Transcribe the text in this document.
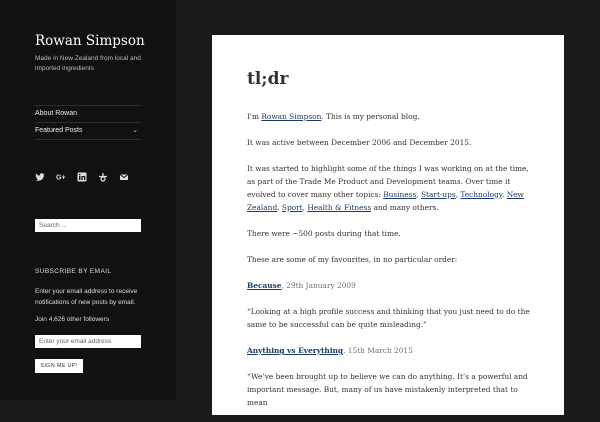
Rowan Simpson
Made in New Zealand from local and imported ingredients
About Rowan
Featured Posts	⌄
G+
Search ...
SUBSCRIBE BY EMAIL
Enter your email address to receive notifications of new posts by email.
Join 4,626 other followers
Enter your email address
SIGN ME UP!
tl;dr

I'm Rowan Simpson. This is my personal blog.

It was active between December 2006 and December 2015.

It was started to highlight some of the things I was working on at the time, as part of the Trade Me Product and Development teams. Over time it evolved to cover many other topics: Business, Start-ups, Technology, New Zealand, Sport, Health & Fitness and many others.

There were ~500 posts during that time.

These are some of my favourites, in no particular order:

Because, 29th January 2009

“Looking at a high profile success and thinking that you just need to do the same to be successful can be quite misleading.”

Anything vs Everything, 15th March 2015

“We’ve been brought up to believe we can do anything. It’s a powerful and important message. But, many of us have mistakenly interpreted that to mean
